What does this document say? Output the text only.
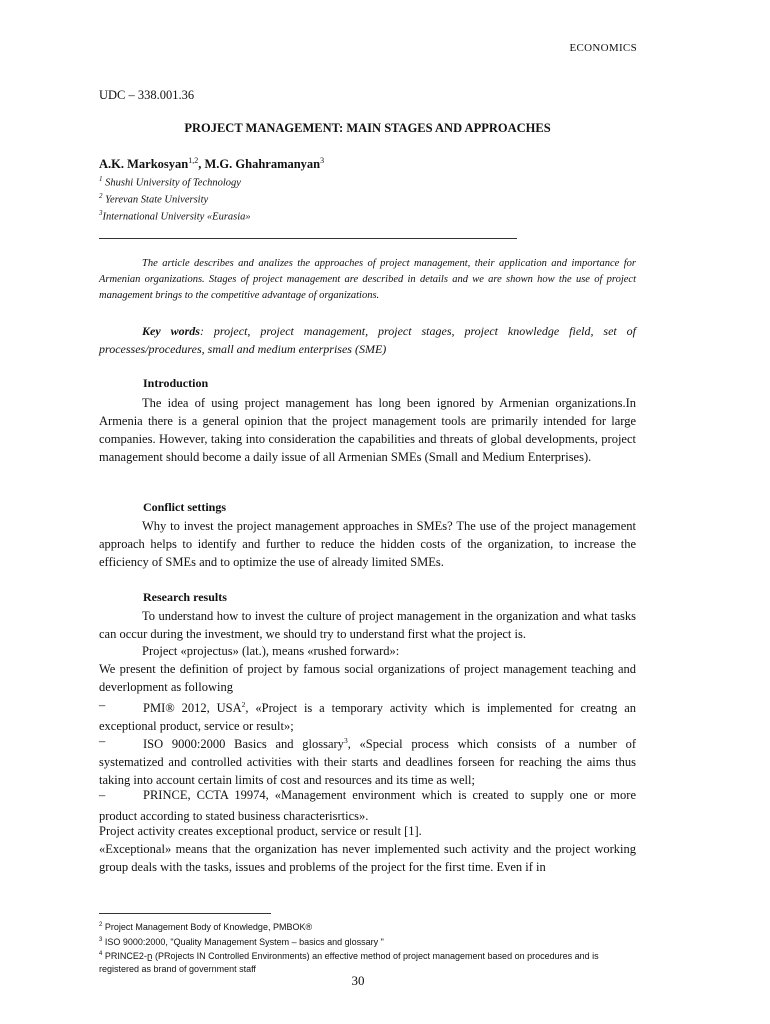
ECONOMICS
UDC – 338.001.36
PROJECT MANAGEMENT: MAIN STAGES AND APPROACHES
A.K. Markosyan$^{1,2}$, M.G. Ghahramanyan$^3$
$^1$ Shushi University of Technology
$^2$ Yerevan State University
$^3$International University «Eurasia»
The article describes and analizes the approaches of project management, their application and importance for Armenian organizations. Stages of project management are described in details and we are shown how the use of project management brings to the competitive advantage of organizations.
Key words: project, project management, project stages, project knowledge field, set of processes/procedures, small and medium enterprises (SME)
Introduction

The idea of using project management has long been ignored by Armenian organizations.In Armenia there is a general opinion that the project management tools are primarily intended for large companies. However, taking into consideration the capabilities and threats of global developments, project management should become a daily issue of all Armenian SMEs (Small and Medium Enterprises).

Conflict settings

Why to invest the project management approaches in SMEs? The use of the project management approach helps to identify and further to reduce the hidden costs of the organization, to increase the efficiency of SMEs and to optimize the use of already limited SMEs.

Research results

To understand how to invest the culture of project management in the organization and what tasks can occur during the investment, we should try to understand first what the project is.

Project «projectus» (lat.), means «rushed forward»:

We present the definition of project by famous social organizations of project management teaching and deverlopment as following

–	PMI® 2012, USA$^2$, «Project is a temporary activity which is implemented for creatng an exceptional product, service or result»;
–	ISO 9000:2000 Basics and glossary$^3$, «Special process which consists of a number of systematized and controlled activities with their starts and deadlines forseen for reaching the aims thus taking into account certain limits of cost and resources and its time as well;
–	PRINCE, CCTA 19974, «Management environment which is created to supply one or more product according to stated business characterisrtics».

Project activity creates exceptional product, service or result [1].

«Exceptional» means that the organization has never implemented such activity and the project working group deals with the tasks, issues and problems of the project for the first time. Even if in

$^2$ Project Management Body of Knowledge, PMBOK®
$^3$ ISO 9000:2000, "Quality Management System – basics and glossary "
$^4$ PRINCE2-ը (PRojects IN Controlled Environments) an effective method of project management based on procedures and is registered as brand of government staff
30
